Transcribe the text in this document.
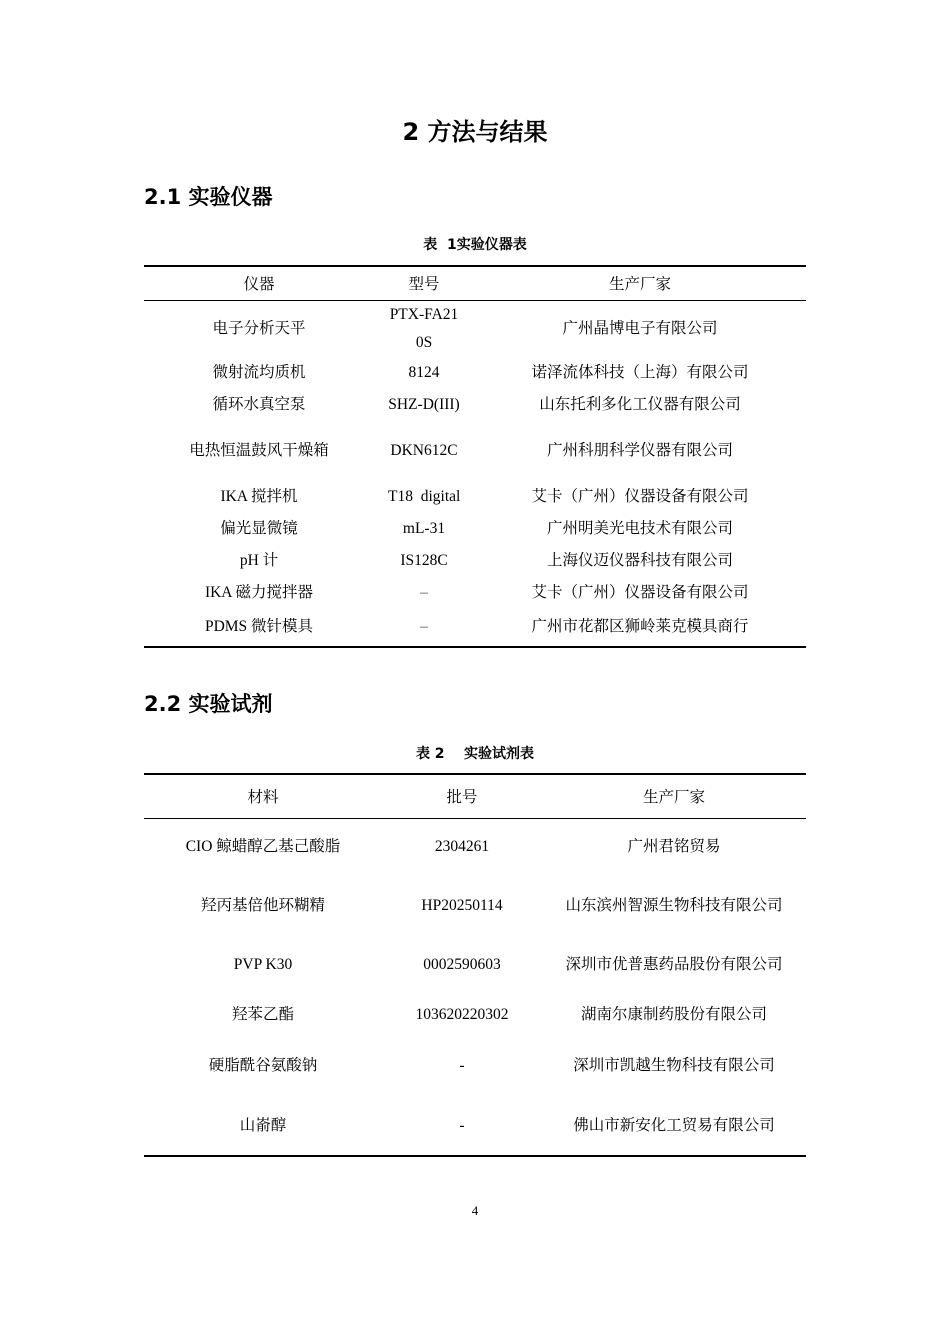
2 方法与结果
2.1 实验仪器
表  1实验仪器表
仪器	型号	生产厂家
电子分析天平	PTX-FA210S	广州晶博电子有限公司
微射流均质机	8124	诺泽流体科技（上海）有限公司
循环水真空泵	SHZ-D(III)	山东托利多化工仪器有限公司
电热恒温鼓风干燥箱	DKN612C	广州科朋科学仪器有限公司
IKA 搅拌机	T18  digital	艾卡（广州）仪器设备有限公司
偏光显微镜	mL-31	广州明美光电技术有限公司
pH 计	IS128C	上海仪迈仪器科技有限公司
IKA 磁力搅拌器	–	艾卡（广州）仪器设备有限公司
PDMS 微针模具	–	广州市花都区狮岭莱克模具商行
2.2 实验试剂
表 2    实验试剂表
材料	批号	生产厂家
CIO 鲸蜡醇乙基己酸脂	2304261	广州君铭贸易
羟丙基倍他环糊精	HP20250114	山东滨州智源生物科技有限公司
PVP K30	0002590603	深圳市优普惠药品股份有限公司
羟苯乙酯	103620220302	湖南尔康制药股份有限公司
硬脂酰谷氨酸钠	-	深圳市凯越生物科技有限公司
山嵛醇	-	佛山市新安化工贸易有限公司
4
